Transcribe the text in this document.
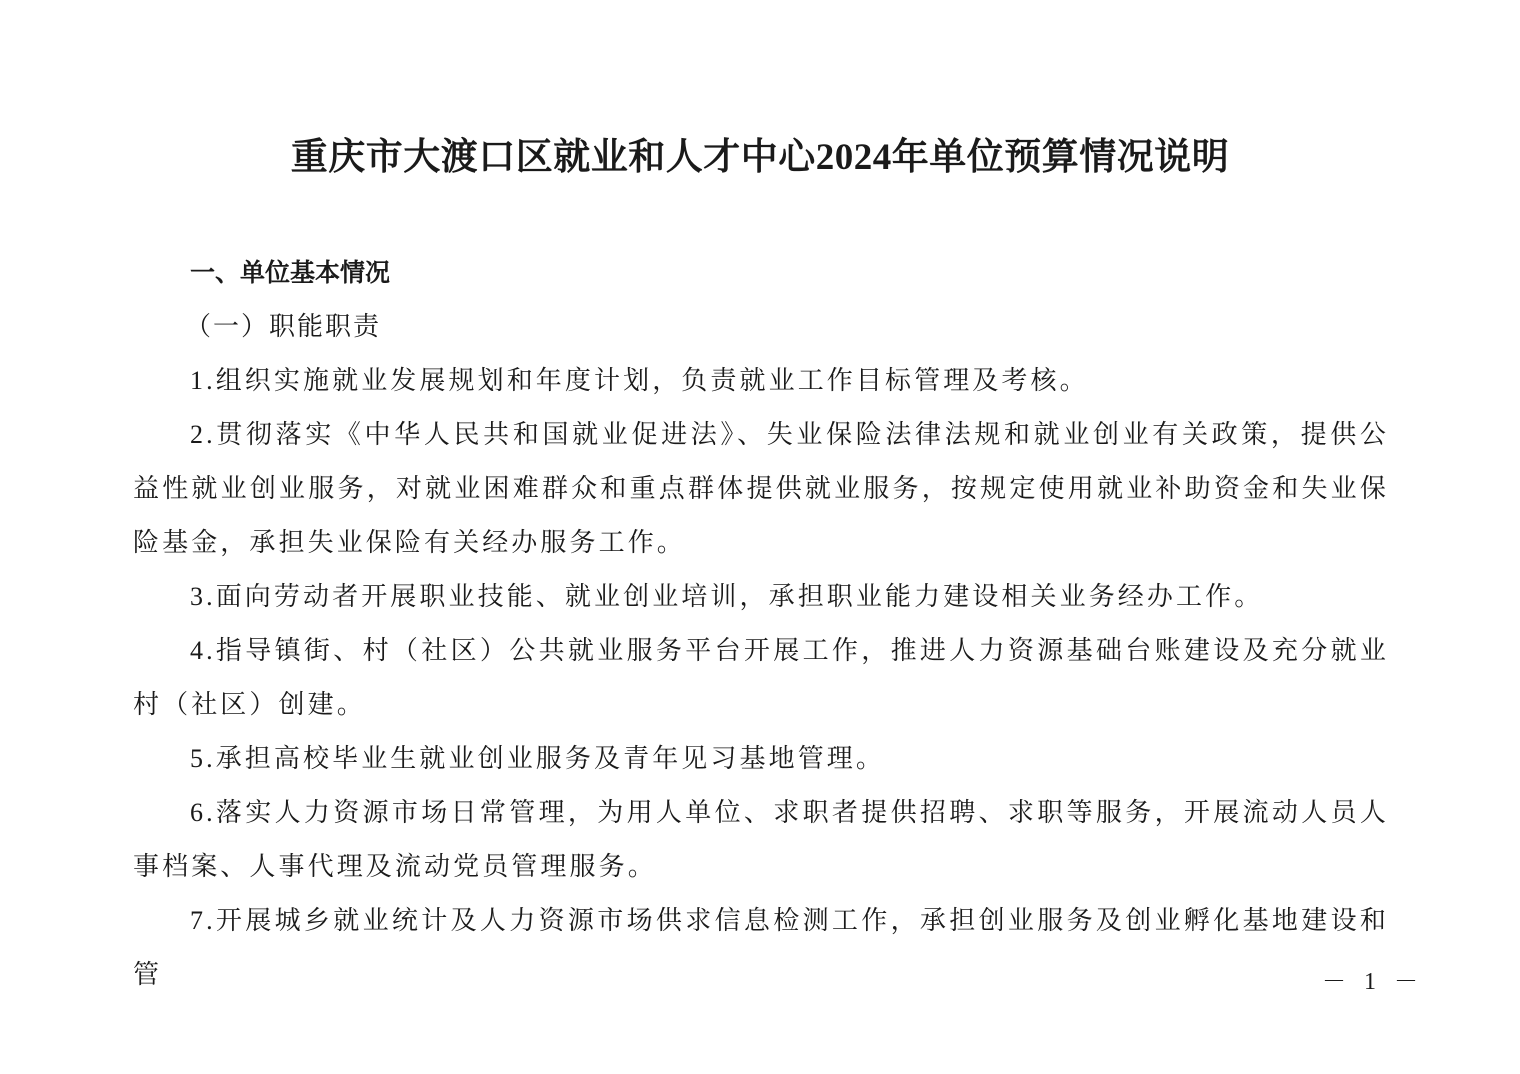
重庆市大渡口区就业和人才中心2024年单位预算情况说明

一、单位基本情况

（一）职能职责

1.组织实施就业发展规划和年度计划，负责就业工作目标管理及考核。

2.贯彻落实《中华人民共和国就业促进法》、失业保险法律法规和就业创业有关政策，提供公益性就业创业服务，对就业困难群众和重点群体提供就业服务，按规定使用就业补助资金和失业保险基金，承担失业保险有关经办服务工作。

3.面向劳动者开展职业技能、就业创业培训，承担职业能力建设相关业务经办工作。

4.指导镇街、村（社区）公共就业服务平台开展工作，推进人力资源基础台账建设及充分就业村（社区）创建。

5.承担高校毕业生就业创业服务及青年见习基地管理。

6.落实人力资源市场日常管理，为用人单位、求职者提供招聘、求职等服务，开展流动人员人事档案、人事代理及流动党员管理服务。

7.开展城乡就业统计及人力资源市场供求信息检测工作，承担创业服务及创业孵化基地建设和管	－ 1 －
